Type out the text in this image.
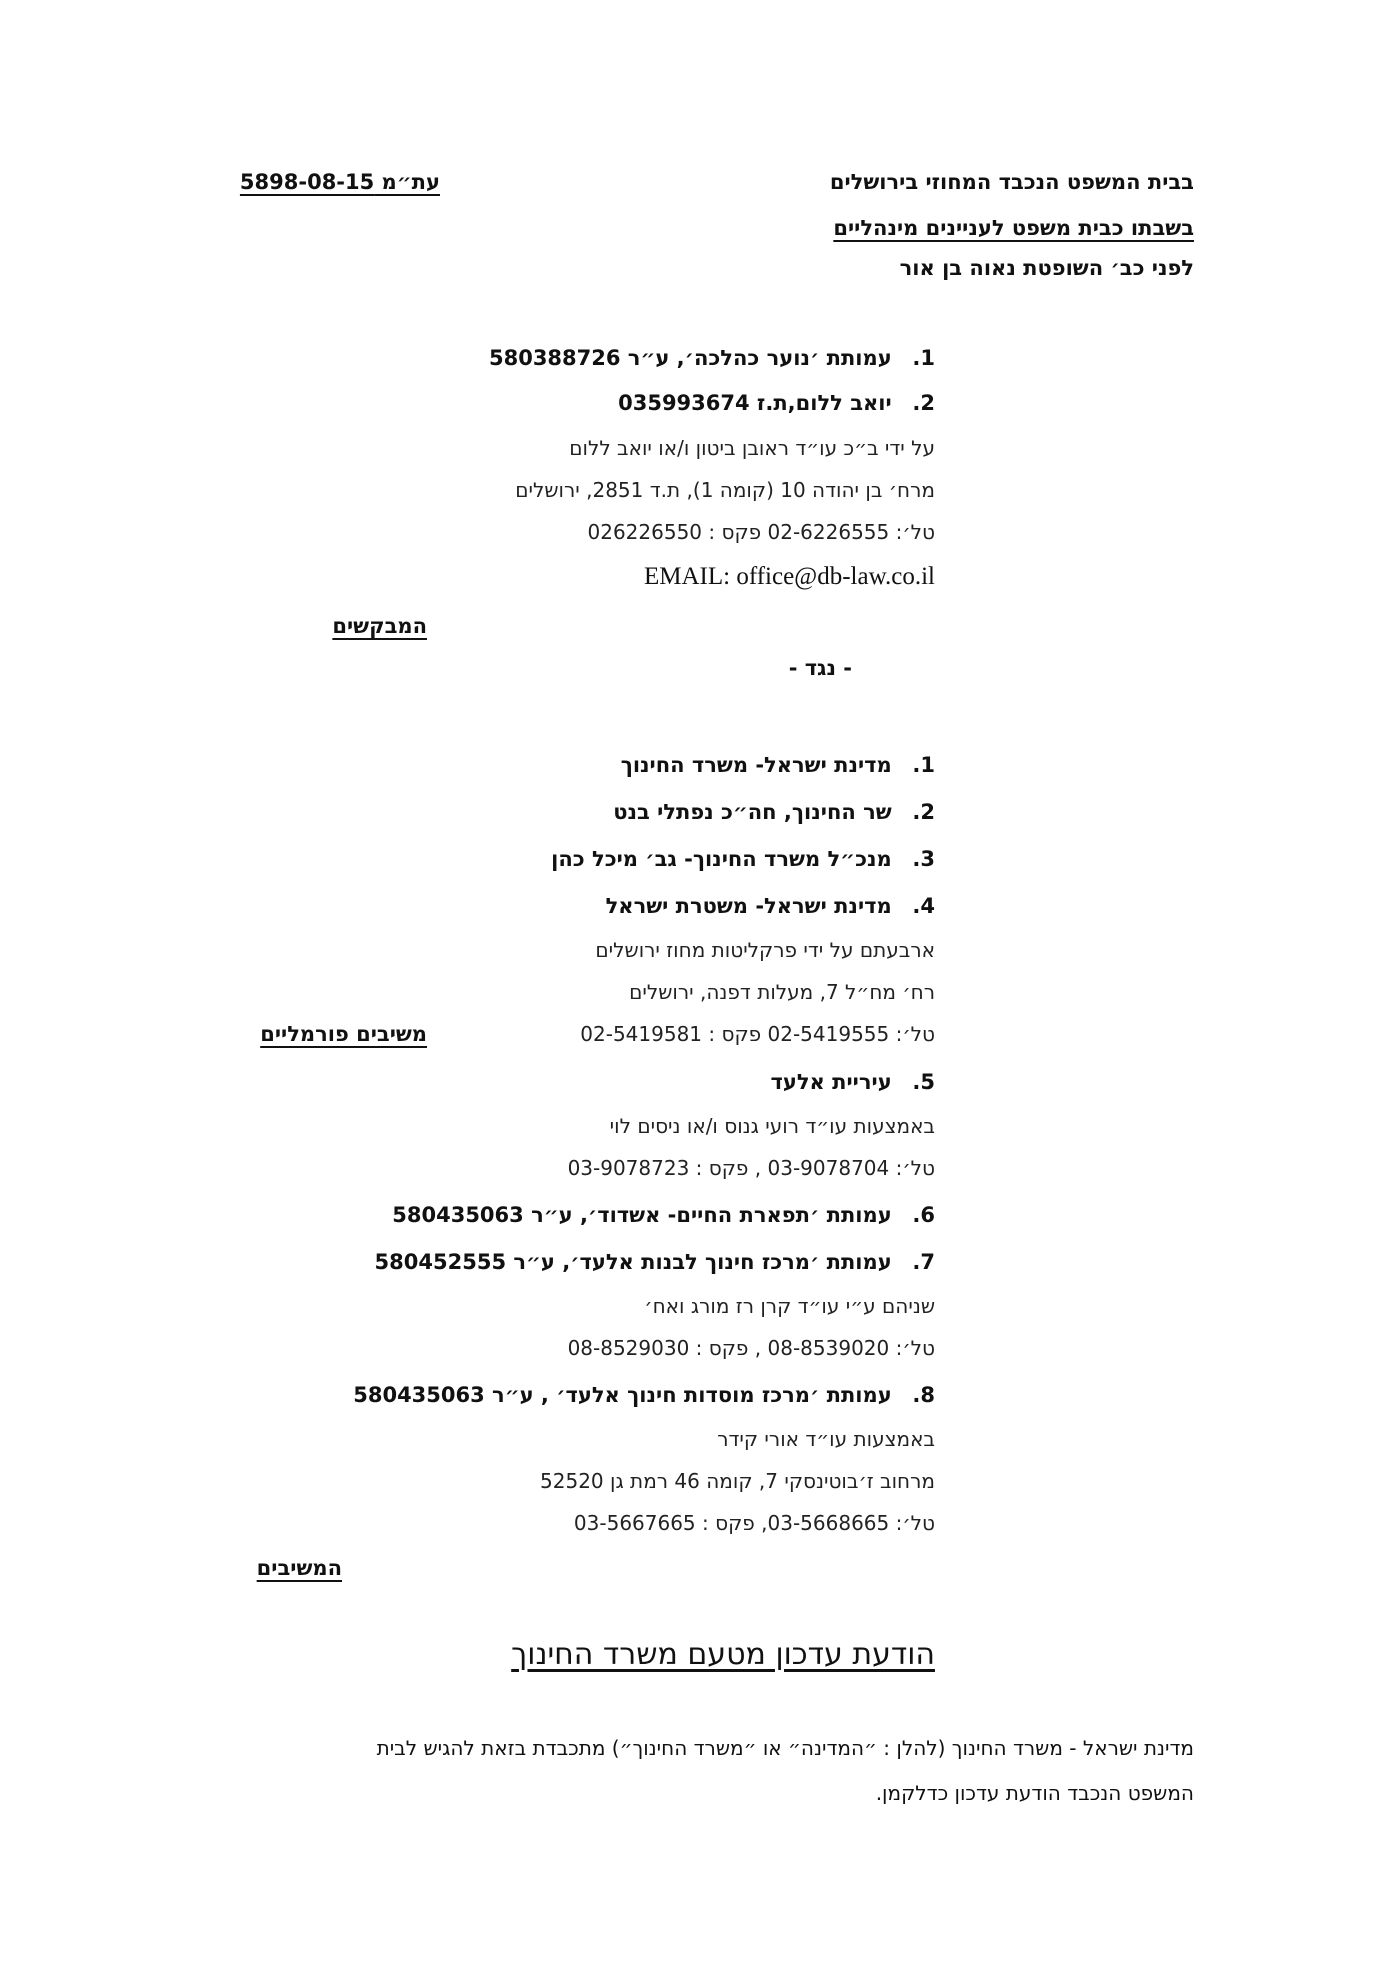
בבית המשפט הנכבד המחוזי בירושלים
בשבתו כבית משפט לעניינים מינהליים
לפני כב׳ השופטת נאוה בן אור
עת״מ 5898-08-15
1. עמותת ׳נוער כהלכה׳, ע״ר 580388726
2. יואב ללום,ת.ז 035993674
על ידי ב״כ עו״ד ראובן ביטון ו/או יואב ללום
מרח׳ בן יהודה 10 (קומה 1), ת.ד 2851, ירושלים
טל׳: 02-6226555 פקס : 026226550
EMAIL: office@db-law.co.il
המבקשים
- נגד -
1. מדינת ישראל- משרד החינוך
2. שר החינוך, חה״כ נפתלי בנט
3. מנכ״ל משרד החינוך- גב׳ מיכל כהן
4. מדינת ישראל- משטרת ישראל
ארבעתם על ידי פרקליטות מחוז ירושלים
רח׳ מח״ל 7, מעלות דפנה, ירושלים
טל׳: 02-5419555 פקס : 02-5419581
משיבים פורמליים
5. עיריית אלעד
באמצעות עו״ד רועי גנוס ו/או ניסים לוי
טל׳: 03-9078704 , פקס : 03-9078723
6. עמותת ׳תפארת החיים- אשדוד׳, ע״ר 580435063
7. עמותת ׳מרכז חינוך לבנות אלעד׳, ע״ר 580452555
שניהם ע״י עו״ד קרן רז מורג ואח׳
טל׳: 08-8539020 , פקס : 08-8529030
8. עמותת ׳מרכז מוסדות חינוך אלעד׳ , ע״ר 580435063
באמצעות עו״ד אורי קידר
מרחוב ז׳בוטינסקי 7, קומה 46 רמת גן 52520
טל׳: 03-5668665, פקס : 03-5667665
המשיבים
הודעת עדכון מטעם משרד החינוך
מדינת ישראל - משרד החינוך (להלן : ״המדינה״ או ״משרד החינוך״) מתכבדת בזאת להגיש לבית
המשפט הנכבד הודעת עדכון כדלקמן.
